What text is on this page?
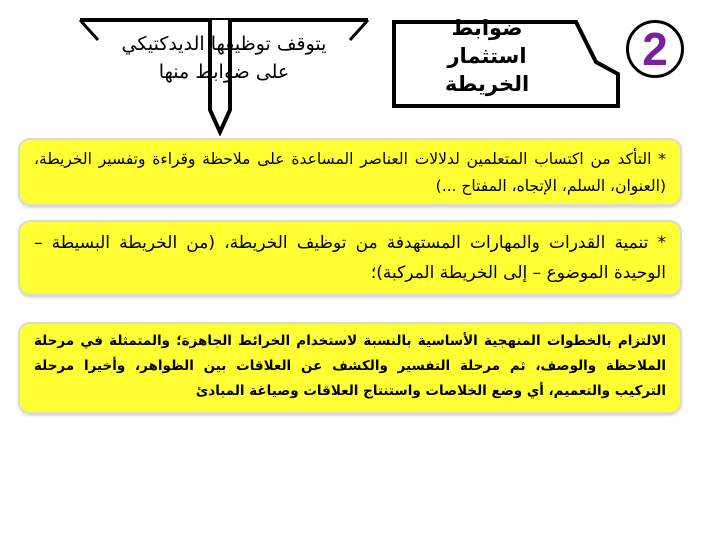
2
ضوابط
استثمار
الخريطة
يتوقف توظيفها الديدكتيكي
على ضوابط منها
* التأكد من اكتساب المتعلمين لدلالات العناصر المساعدة على ملاحظة وقراءة وتفسير الخريطة، (العنوان، السلم، الإتجاه، المفتاح ...)
* تنمية القدرات والمهارات المستهدفة من توظيف الخريطة، (من الخريطة البسيطة – الوحيدة الموضوع – إلى الخريطة المركبة)؛
الالتزام بالخطوات المنهجية الأساسية بالنسبة لاستخدام الخرائط الجاهزة؛ والمتمثلة في مرحلة الملاحظة والوصف، ثم مرحلة التفسير والكشف عن العلاقات بين الظواهر، وأخيرا مرحلة التركيب والتعميم، أي وضع الخلاصات واستنتاج العلاقات وصياغة المبادئ
